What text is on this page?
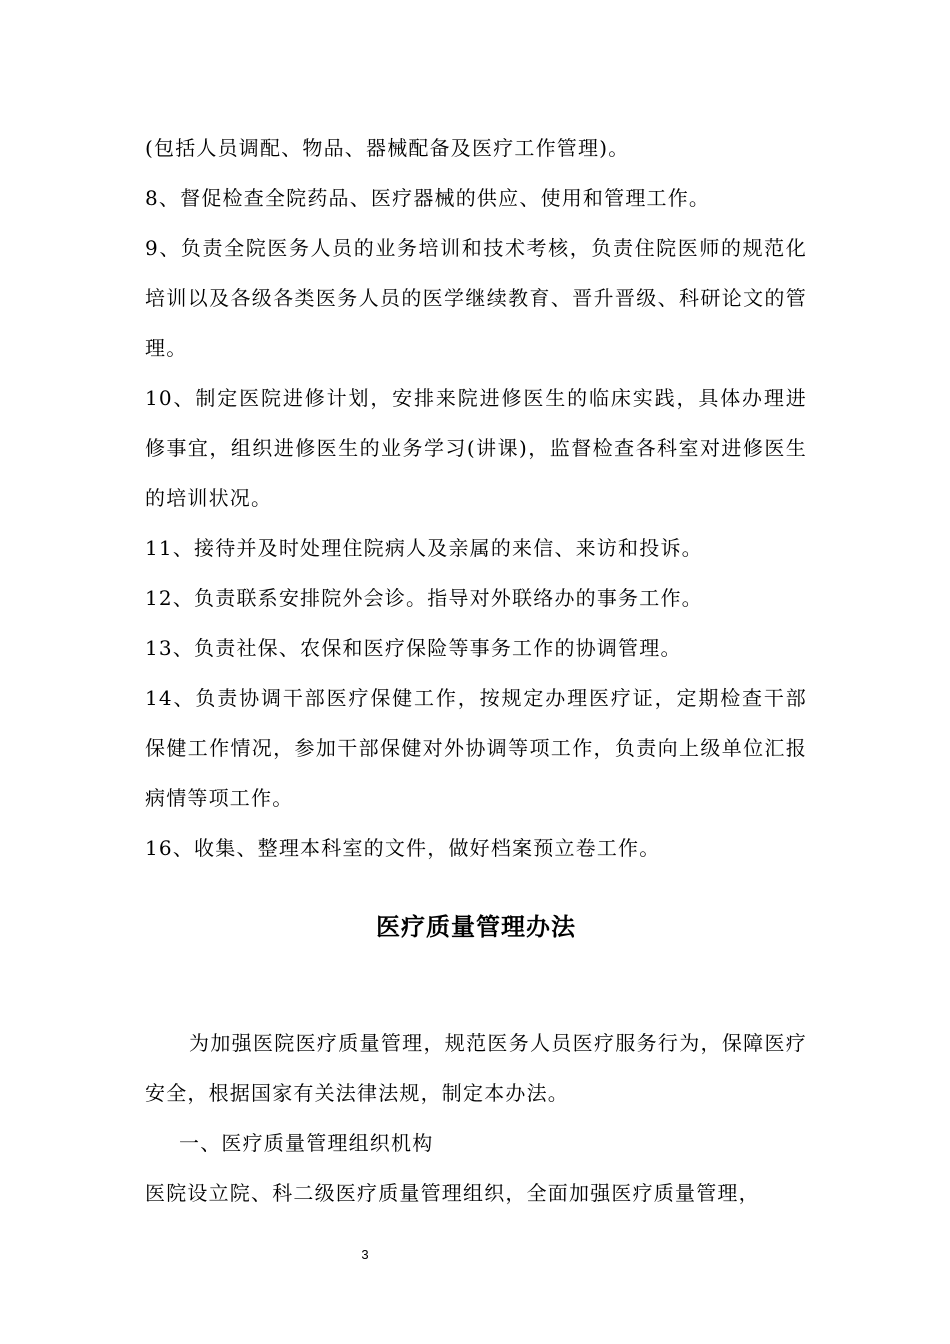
(包括人员调配、物品、器械配备及医疗工作管理)。

8、督促检查全院药品、医疗器械的供应、使用和管理工作。

9、负责全院医务人员的业务培训和技术考核，负责住院医师的规范化培训以及各级各类医务人员的医学继续教育、晋升晋级、科研论文的管理。

10、制定医院进修计划，安排来院进修医生的临床实践，具体办理进修事宜，组织进修医生的业务学习(讲课)，监督检查各科室对进修医生的培训状况。

11、接待并及时处理住院病人及亲属的来信、来访和投诉。

12、负责联系安排院外会诊。指导对外联络办的事务工作。

13、负责社保、农保和医疗保险等事务工作的协调管理。

14、负责协调干部医疗保健工作，按规定办理医疗证，定期检查干部保健工作情况，参加干部保健对外协调等项工作，负责向上级单位汇报病情等项工作。

16、收集、整理本科室的文件，做好档案预立卷工作。

医疗质量管理办法

为加强医院医疗质量管理，规范医务人员医疗服务行为，保障医疗安全，根据国家有关法律法规，制定本办法。

一、医疗质量管理组织机构

医院设立院、科二级医疗质量管理组织，全面加强医疗质量管理，

3
